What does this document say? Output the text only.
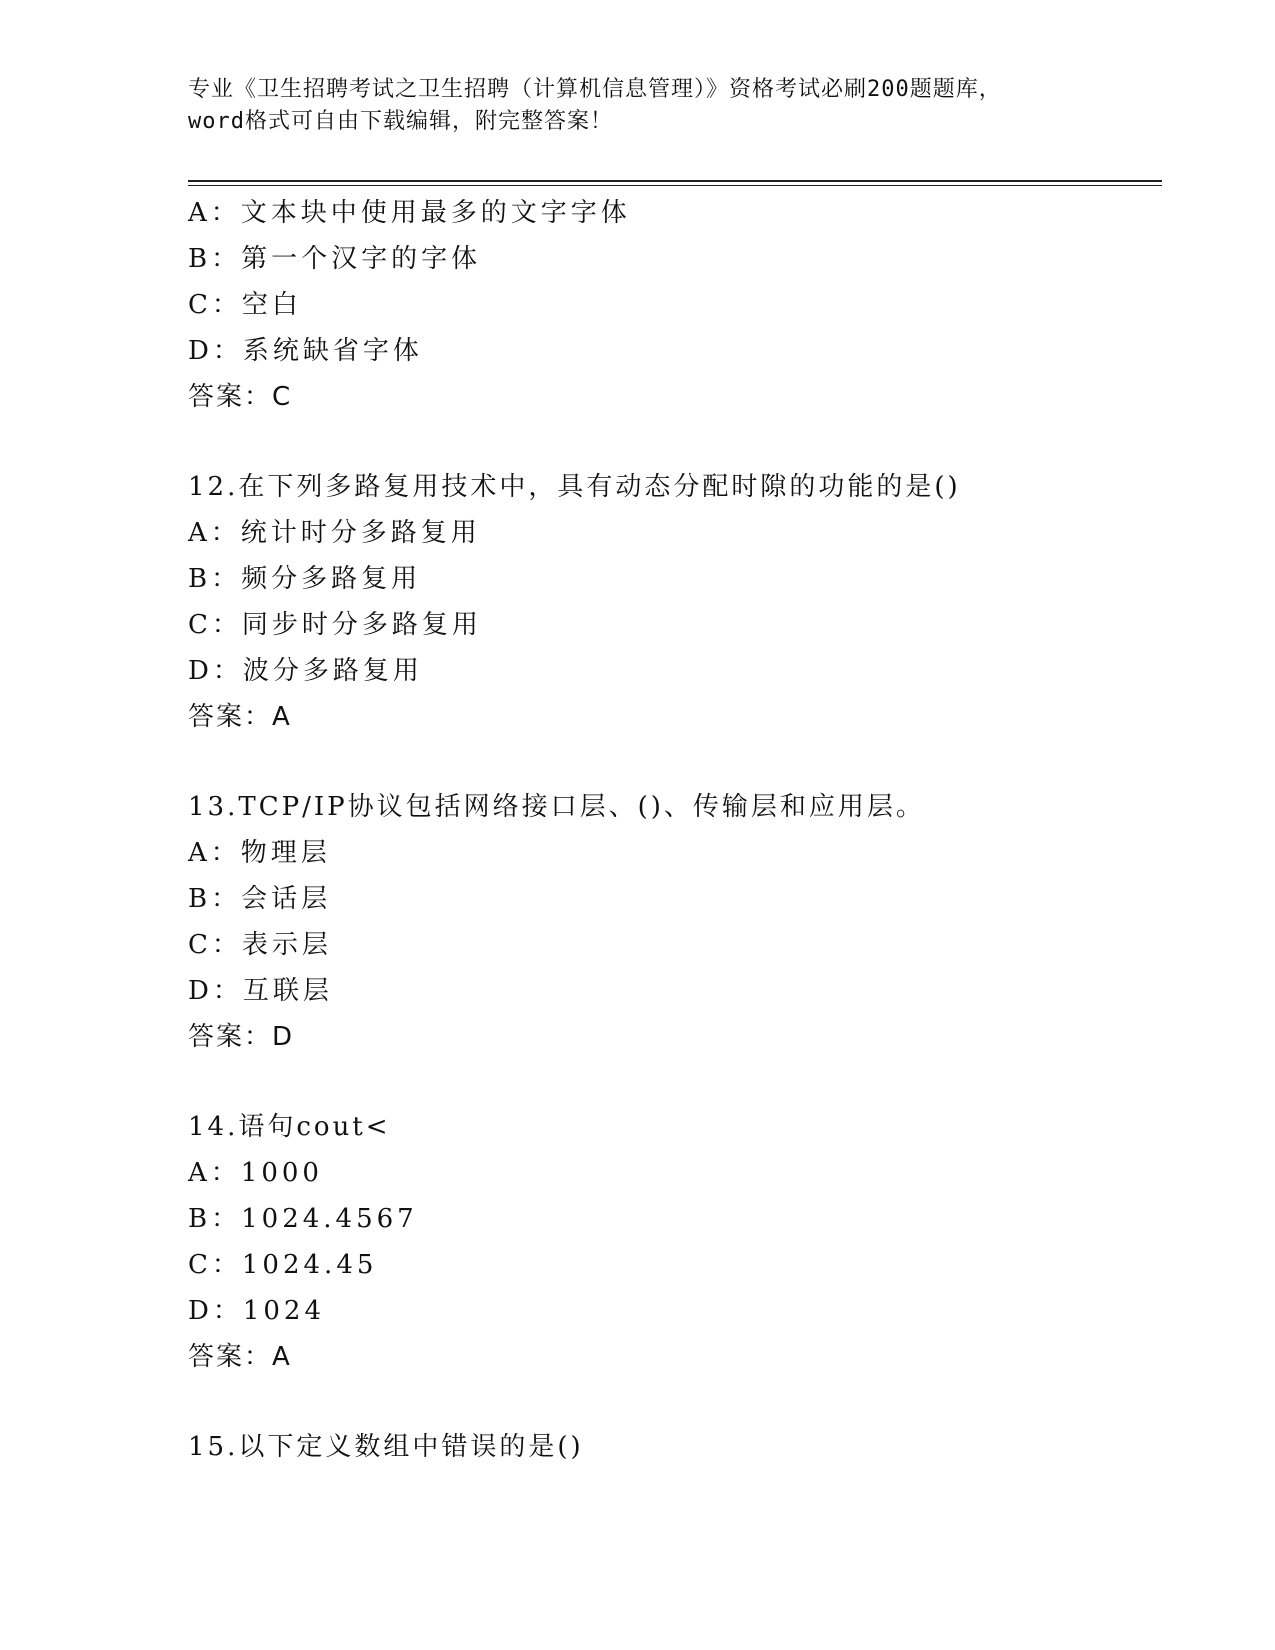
专业《卫生招聘考试之卫生招聘（计算机信息管理）》资格考试必刷200题题库，
word格式可自由下载编辑，附完整答案！
A：文本块中使用最多的文字字体
B：第一个汉字的字体
C：空白
D：系统缺省字体
答案：C
12.在下列多路复用技术中，具有动态分配时隙的功能的是()
A：统计时分多路复用
B：频分多路复用
C：同步时分多路复用
D：波分多路复用
答案：A
13.TCP/IP协议包括网络接口层、()、传输层和应用层。
A：物理层
B：会话层
C：表示层
D：互联层
答案：D
14.语句cout<
A：1000
B：1024.4567
C：1024.45
D：1024
答案：A
15.以下定义数组中错误的是()
